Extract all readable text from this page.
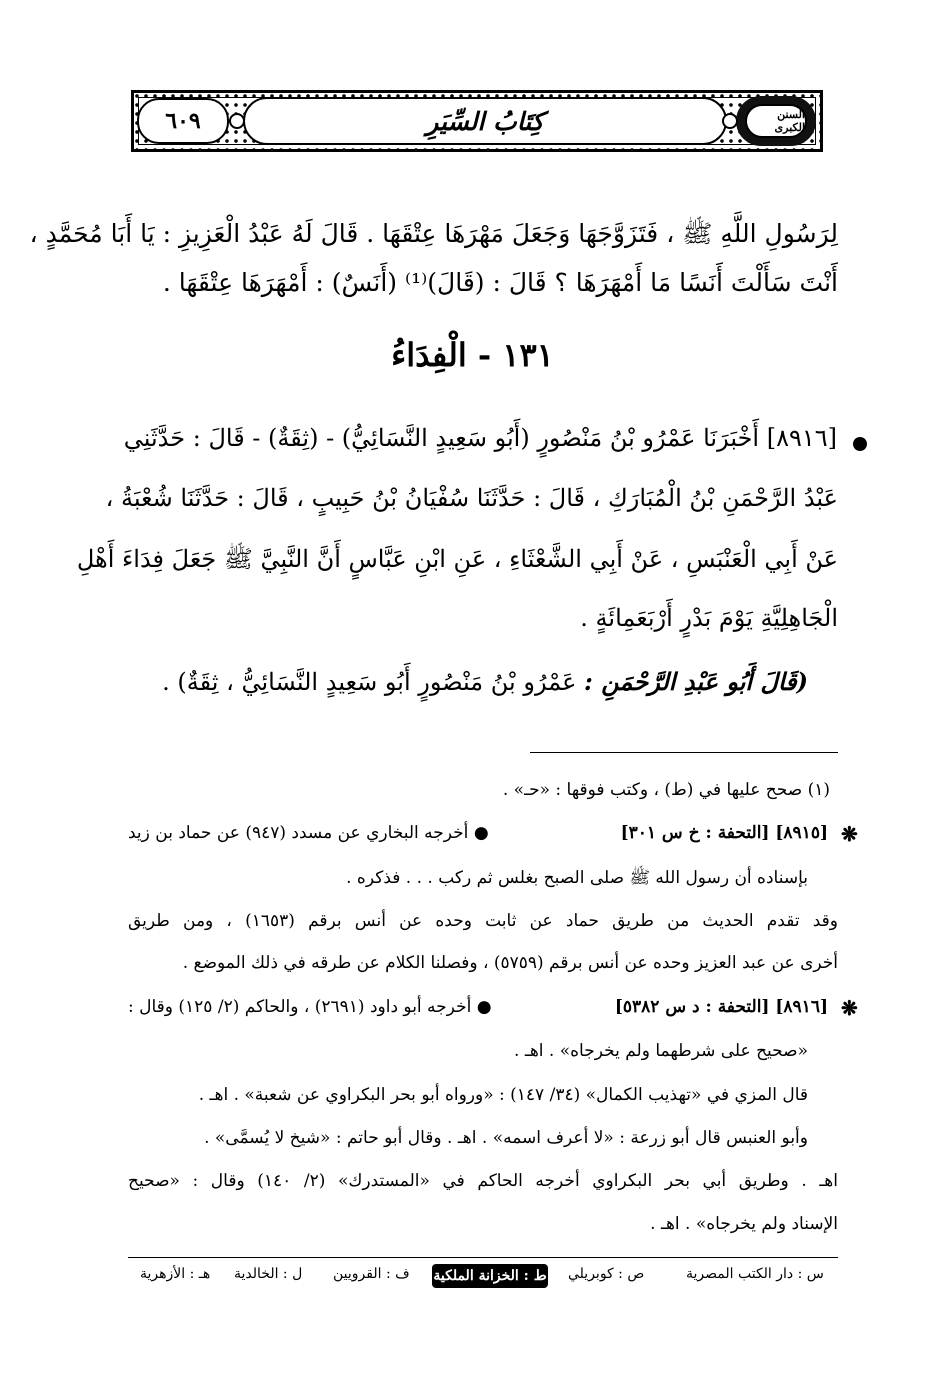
السنن الكبرى
٦٠٩	كِتَابُ السِّيَرِ
لِرَسُولِ اللَّهِ ﷺ ، فَتَزَوَّجَهَا وَجَعَلَ مَهْرَهَا عِتْقَهَا . قَالَ لَهُ عَبْدُ الْعَزِيزِ : يَا أَبَا مُحَمَّدٍ ،
أَنْتَ سَأَلْتَ أَنَسًا مَا أَمْهَرَهَا ؟ قَالَ : (قَالَ)⁽¹⁾ (أَنَسٌ) : أَمْهَرَهَا عِتْقَهَا .
١٣١ - الْفِدَاءُ
[٨٩١٦] أَخْبَرَنَا عَمْرُو بْنُ مَنْصُورٍ (أَبُو سَعِيدٍ النَّسَائِيُّ) - (ثِقَةٌ) - قَالَ : حَدَّثَنِي
عَبْدُ الرَّحْمَنِ بْنُ الْمُبَارَكِ ، قَالَ : حَدَّثَنَا سُفْيَانُ بْنُ حَبِيبٍ ، قَالَ : حَدَّثَنَا شُعْبَةُ ،
عَنْ أَبِي الْعَنْبَسِ ، عَنْ أَبِي الشَّعْثَاءِ ، عَنِ ابْنِ عَبَّاسٍ أَنَّ النَّبِيَّ ﷺ جَعَلَ فِدَاءَ أَهْلِ
الْجَاهِلِيَّةِ يَوْمَ بَدْرٍ أَرْبَعَمِائَةٍ .
(قَالَ أَبُو عَبْدِ الرَّحْمَنِ : عَمْرُو بْنُ مَنْصُورٍ أَبُو سَعِيدٍ النَّسَائِيُّ ، ثِقَةٌ) .
(١) صحح عليها في (ط) ، وكتب فوقها : «حـ» .
❋
[٨٩١٥] [التحفة : خ س ٣٠١]
● أخرجه البخاري عن مسدد (٩٤٧) عن حماد بن زيد
بإسناده أن رسول الله ﷺ صلى الصبح بغلس ثم ركب . . . فذكره .
وقد تقدم الحديث من طريق حماد عن ثابت وحده عن أنس برقم (١٦٥٣) ، ومن طريق
أخرى عن عبد العزيز وحده عن أنس برقم (٥٧٥٩) ، وفصلنا الكلام عن طرقه في ذلك الموضع .
❋
[٨٩١٦] [التحفة : د س ٥٣٨٢]
● أخرجه أبو داود (٢٦٩١) ، والحاكم (٢/ ١٢٥) وقال :
«صحيح على شرطهما ولم يخرجاه» . اهـ .
قال المزي في «تهذيب الكمال» (٣٤/ ١٤٧) : «ورواه أبو بحر البكراوي عن شعبة» . اهـ .
وأبو العنبس قال أبو زرعة : «لا أعرف اسمه» . اهـ . وقال أبو حاتم : «شيخ لا يُسمَّى» .
اهـ . وطريق أبي بحر البكراوي أخرجه الحاكم في «المستدرك» (٢/ ١٤٠) وقال : «صحيح
الإسناد ولم يخرجاه» . اهـ .
س : دار الكتب المصرية
ص : كوبريلي
ط : الخزانة الملكية
ف : القرويين
ل : الخالدية
هـ : الأزهرية
